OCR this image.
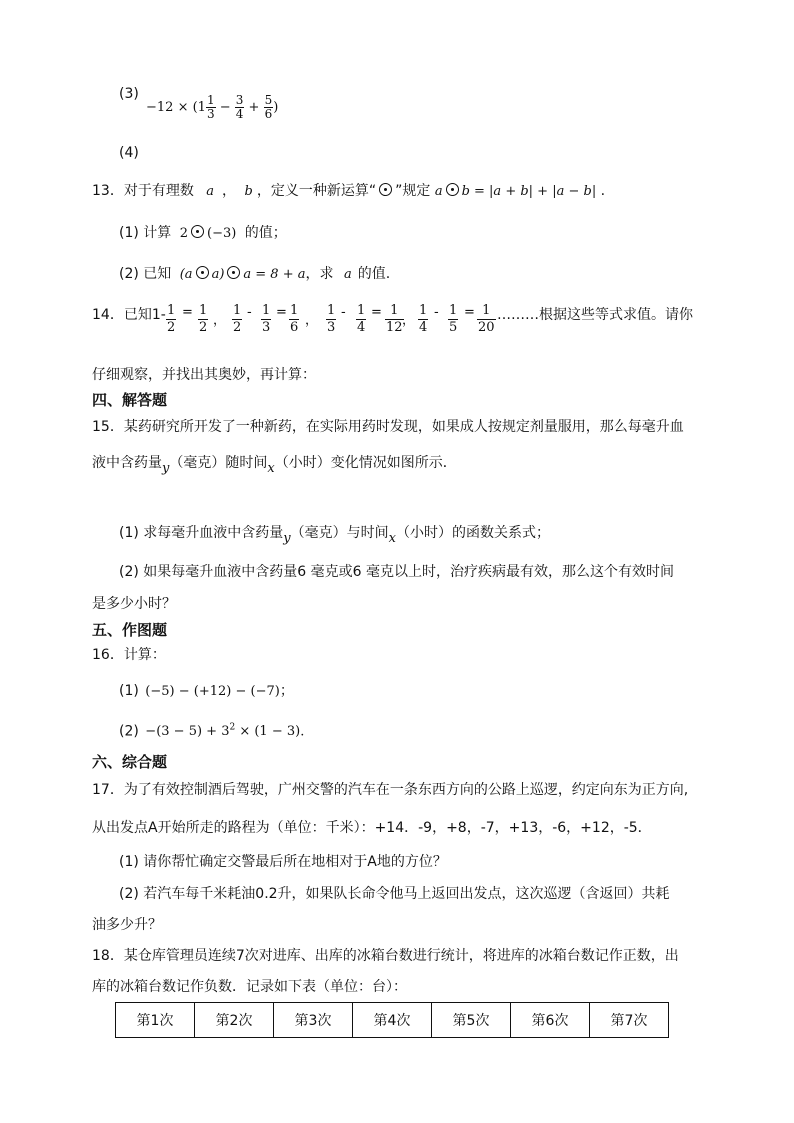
(3)
$-12 \times (1 \frac{1}{3} - \frac{3}{4} + \frac{5}{6}$ )
(4)
13．对于有理数 a ， b ，定义一种新运算“ ”规定 a b = |a + b| + |a − b| .
(1) 计算 2 (−3) 的值；
(2) 已知 (a a) a = 8 + a，求 a 的值.
14．已知$1- \frac{1}{2} \frac{1}{2} \frac{1}{2} \frac{1}{3} \frac{1}{6} \frac{1}{3} \frac{1}{4} \frac{1}{12} \frac{1}{4} \frac{1}{5} \frac{1}{20}$
=
，
- =
，
- =
，
- = ………根据这些等式求值。请你
仔细观察，并找出其奥妙，再计算：
四、解答题
15．某药研究所开发了一种新药，在实际用药时发现，如果成人按规定剂量服用，那么每毫升血
液中含药量y（毫克）随时间x（小时）变化情况如图所示．
(1) 求每毫升血液中含药量y（毫克）与时间x（小时）的函数关系式；
(2) 如果每毫升血液中含药量6 毫克或6 毫克以上时，治疗疾病最有效，那么这个有效时间
是多少小时？
五、作图题
16．计算：
(1) (−5) − (+12) − (−7)；
$(2) -(3 - 5) + 3^2 \times (1 - 3)$.
六、综合题
17．为了有效控制酒后驾驶，广州交警的汽车在一条东西方向的公路上巡逻，约定向东为正方向,
从出发点A开始所走的路程为（单位：千米）：+14．-9，+8，-7，+13，-6，+12，-5．
(1) 请你帮忙确定交警最后所在地相对于A地的方位？
(2) 若汽车每千米耗油0.2升，如果队长命令他马上返回出发点，这次巡逻（含返回）共耗
油多少升？
18．某仓库管理员连续7次对进库、出库的冰箱台数进行统计，将进库的冰箱台数记作正数，出
库的冰箱台数记作负数．记录如下表（单位：台）：
第1次	第2次	第3次	第4次	第5次	第6次	第7次
